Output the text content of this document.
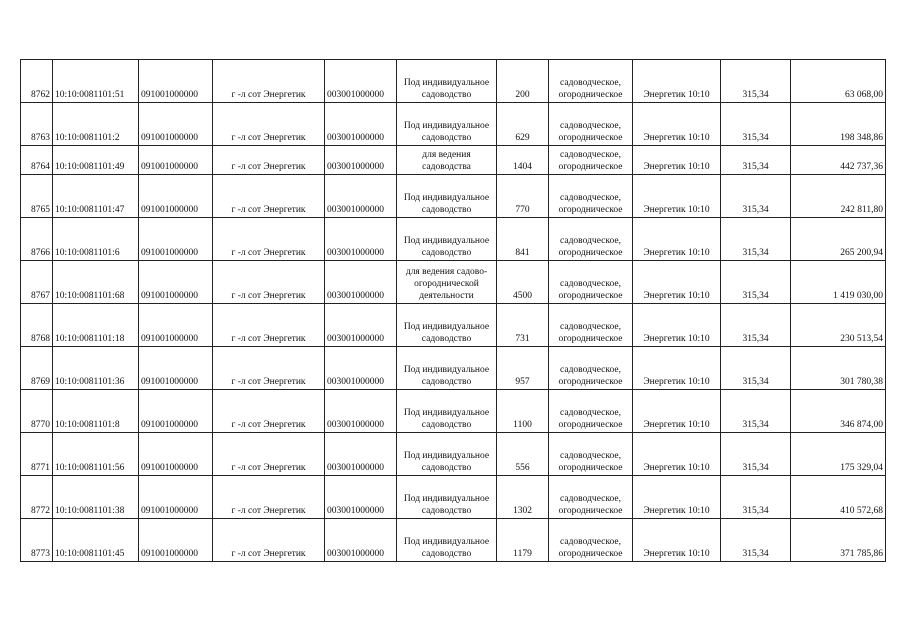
8762	10:10:0081101:51	091001000000	г -л сот Энергетик	003001000000	Под индивидуальное садоводство	200	садоводческое, огородническое	Энергетик 10:10	315,34	63 068,00
8763	10:10:0081101:2	091001000000	г -л сот Энергетик	003001000000	Под индивидуальное садоводство	629	садоводческое, огородническое	Энергетик 10:10	315,34	198 348,86
8764	10:10:0081101:49	091001000000	г -л сот Энергетик	003001000000	для ведения садоводства	1404	садоводческое, огородническое	Энергетик 10:10	315,34	442 737,36
8765	10:10:0081101:47	091001000000	г -л сот Энергетик	003001000000	Под индивидуальное садоводство	770	садоводческое, огородническое	Энергетик 10:10	315,34	242 811,80
8766	10:10:0081101:6	091001000000	г -л сот Энергетик	003001000000	Под индивидуальное садоводство	841	садоводческое, огородническое	Энергетик 10:10	315,34	265 200,94
8767	10:10:0081101:68	091001000000	г -л сот Энергетик	003001000000	для ведения садово-огороднической деятельности	4500	садоводческое, огородническое	Энергетик 10:10	315,34	1 419 030,00
8768	10:10:0081101:18	091001000000	г -л сот Энергетик	003001000000	Под индивидуальное садоводство	731	садоводческое, огородническое	Энергетик 10:10	315,34	230 513,54
8769	10:10:0081101:36	091001000000	г -л сот Энергетик	003001000000	Под индивидуальное садоводство	957	садоводческое, огородническое	Энергетик 10:10	315,34	301 780,38
8770	10:10:0081101:8	091001000000	г -л сот Энергетик	003001000000	Под индивидуальное садоводство	1100	садоводческое, огородническое	Энергетик 10:10	315,34	346 874,00
8771	10:10:0081101:56	091001000000	г -л сот Энергетик	003001000000	Под индивидуальное садоводство	556	садоводческое, огородническое	Энергетик 10:10	315,34	175 329,04
8772	10:10:0081101:38	091001000000	г -л сот Энергетик	003001000000	Под индивидуальное садоводство	1302	садоводческое, огородническое	Энергетик 10:10	315,34	410 572,68
8773	10:10:0081101:45	091001000000	г -л сот Энергетик	003001000000	Под индивидуальное садоводство	1179	садоводческое, огородническое	Энергетик 10:10	315,34	371 785,86
